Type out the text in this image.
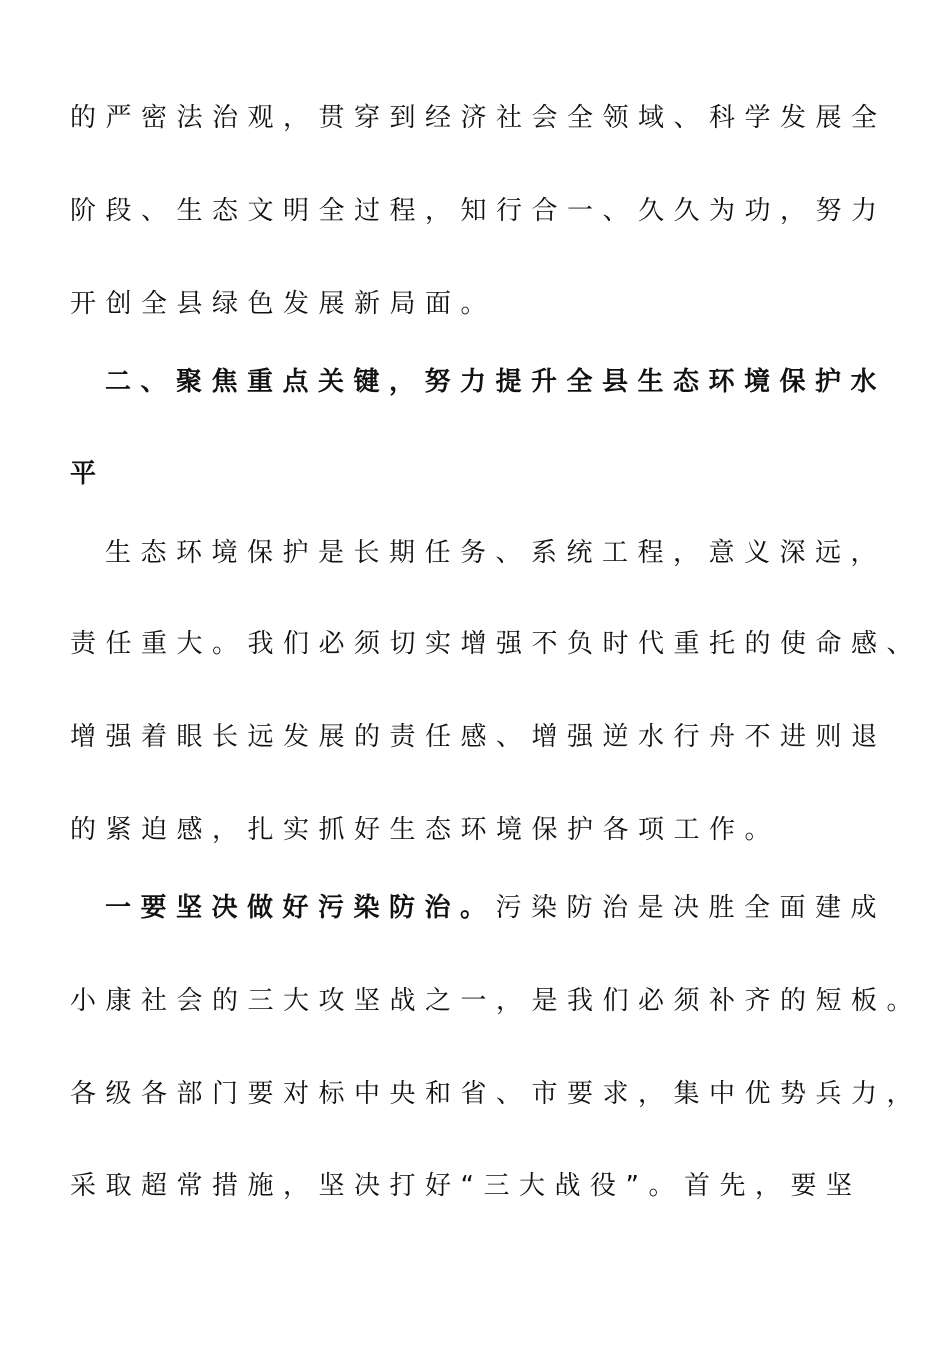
的严密法治观，贯穿到经济社会全领域、科学发展全
阶段、生态文明全过程，知行合一、久久为功，努力
开创全县绿色发展新局面。
二、聚焦重点关键，努力提升全县生态环境保护水
平
生态环境保护是长期任务、系统工程，意义深远，
责任重大。我们必须切实增强不负时代重托的使命感、
增强着眼长远发展的责任感、增强逆水行舟不进则退
的紧迫感，扎实抓好生态环境保护各项工作。
一要坚决做好污染防治。污染防治是决胜全面建成
小康社会的三大攻坚战之一，是我们必须补齐的短板。
各级各部门要对标中央和省、市要求，集中优势兵力，
采取超常措施，坚决打好“三大战役”。首先，要坚
